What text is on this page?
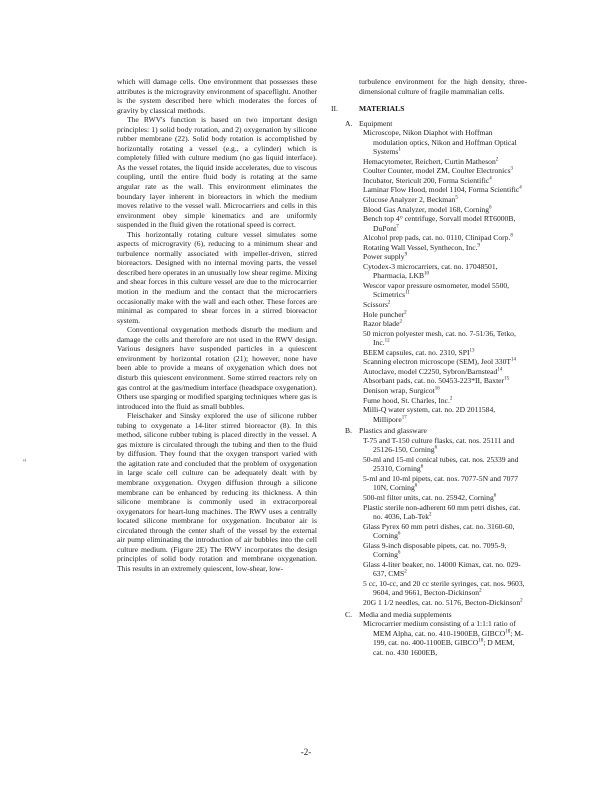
which will damage cells. One environment that possesses these attributes is the microgravity environment of spaceflight. Another is the system described here which moderates the forces of gravity by classical methods.

The RWV's function is based on two important design principles: 1) solid body rotation, and 2) oxygenation by silicone rubber membrane (22). Solid body rotation is accomplished by horizontally rotating a vessel (e.g., a cylinder) which is completely filled with culture medium (no gas liquid interface). As the vessel rotates, the liquid inside accelerates, due to viscous coupling, until the entire fluid body is rotating at the same angular rate as the wall. This environment eliminates the boundary layer inherent in bioreactors in which the medium moves relative to the vessel wall. Microcarriers and cells in this environment obey simple kinematics and are uniformly suspended in the fluid given the rotational speed is correct.

This horizontally rotating culture vessel simulates some aspects of microgravity (6), reducing to a minimum shear and turbulence normally associated with impeller-driven, stirred bioreactors. Designed with no internal moving parts, the vessel described here operates in an unusually low shear regime. Mixing and shear forces in this culture vessel are due to the microcarrier motion in the medium and the contact that the microcarriers occasionally make with the wall and each other. These forces are minimal as compared to shear forces in a stirred bioreactor system.

Conventional oxygenation methods disturb the medium and damage the cells and therefore are not used in the RWV design. Various designers have suspended particles in a quiescent environment by horizontal rotation (21); however, none have been able to provide a means of oxygenation which does not disturb this quiescent environment. Some stirred reactors rely on gas control at the gas/medium interface (headspace oxygenation). Others use sparging or modified sparging techniques where gas is introduced into the fluid as small bubbles.

Fleischaker and Sinsky explored the use of silicone rubber tubing to oxygenate a 14-liter stirred bioreactor (8). In this method, silicone rubber tubing is placed directly in the vessel. A gas mixture is circulated through the tubing and then to the fluid by diffusion. They found that the oxygen transport varied with the agitation rate and concluded that the problem of oxygenation in large scale cell culture can be adequately dealt with by membrane oxygenation. Oxygen diffusion through a silicone membrane can be enhanced by reducing its thickness. A thin silicone membrane is commonly used in extracorporeal oxygenators for heart-lung machines. The RWV uses a centrally located silicone membrane for oxygenation. Incubator air is circulated through the center shaft of the vessel by the external air pump eliminating the introduction of air bubbles into the cell culture medium. (Figure 2E) The RWV incorporates the design principles of solid body rotation and membrane oxygenation. This results in an extremely quiescent, low-shear, low-

turbulence environment for the high density, three-dimensional culture of fragile mammalian cells.

II.	MATERIALS
A. Equipment

Microscope, Nikon Diaphot with Hoffman modulation optics, Nikon and Hoffman Optical Systems$^1$

Hemacytometer, Reichert, Curtin Matheson$^2$

Coulter Counter, model ZM, Coulter Electronics$^3$

Incubator, Stericult 200, Forma Scientific$^4$

Laminar Flow Hood, model 1104, Forma Scientific$^4$

Glucose Analyzer 2, Beckman$^5$

Blood Gas Analyzer, model 168, Corning$^6$

Bench top 4° centrifuge, Sorvall model RT6000B, DuPont$^7$

Alcohol prep pads, cat. no. 0110, Clinipad Corp.$^8$

Rotating Wall Vessel, Synthecon, Inc.$^9$

Power supply$^9$

Cytodex-3 microcarriers, cat. no. 17048501, Pharmacia, LKB$^{10}$

Wescor vapor pressure osmometer, model 5500, Scimetrics$^{11}$

Scissors$^2$

Hole puncher$^2$

Razor blade$^2$

50 micron polyester mesh, cat. no. 7-51/36, Tetko, Inc.$^{12}$

BEEM capsules, cat. no. 2310, SPI$^{13}$

Scanning electron microscope (SEM), Jeol $330T^{14}$

Autoclave, model C2250, Sybron/Barnstead$^{14}$

Absorbant pads, cat. no. 50453-223*II, Baxter$^{15}$

Denison wrap, Surgicot$^{16}$

Fume hood, St. Charles, Inc.$^2$

Milli-Q water system, cat. no. 2D 2011584, Millipore$^{17}$

B. Plastics and glassware

T-75 and T-150 culture flasks, cat. nos. 25111 and 25126-150, Corning$^6$

50-ml and 15-ml conical tubes, cat. nos. 25339 and 25310, Corning$^6$

5-ml and 10-ml pipets, cat. nos. 7077-5N and 7077 10N, Corning$^6$

500-ml filter units, cat. no. 25942, Corning$^6$

Plastic sterile non-adherent 60 mm petri dishes, cat. no. 4036, Lab-Tek$^2$

Glass Pyrex 60 mm petri dishes, cat. no. 3160-60, Corning$^6$

Glass 9-inch disposable pipets, cat. no. 7095-9, Corning$^6$

Glass 4-liter beaker, no. 14000 Kimax, cat. no. 029-637, CMS$^2$

5 cc, 10-cc, and 20 cc sterile syringes, cat. nos. 9603, 9604, and 9661, Becton-Dickinson$^2$

20G 1 1/2 needles, cat. no. 5176, Becton-Dickinson$^2$

C. Media and media supplements

Microcarrier medium consisting of a 1:1:1 ratio of MEM Alpha, cat. no. 410-1900EB, GIBCO$^{18}$; M-199, cat. no. 400-1100EB, GIBCO$^{18}$; D MEM, cat. no. 430 1600EB,

"
-2-
